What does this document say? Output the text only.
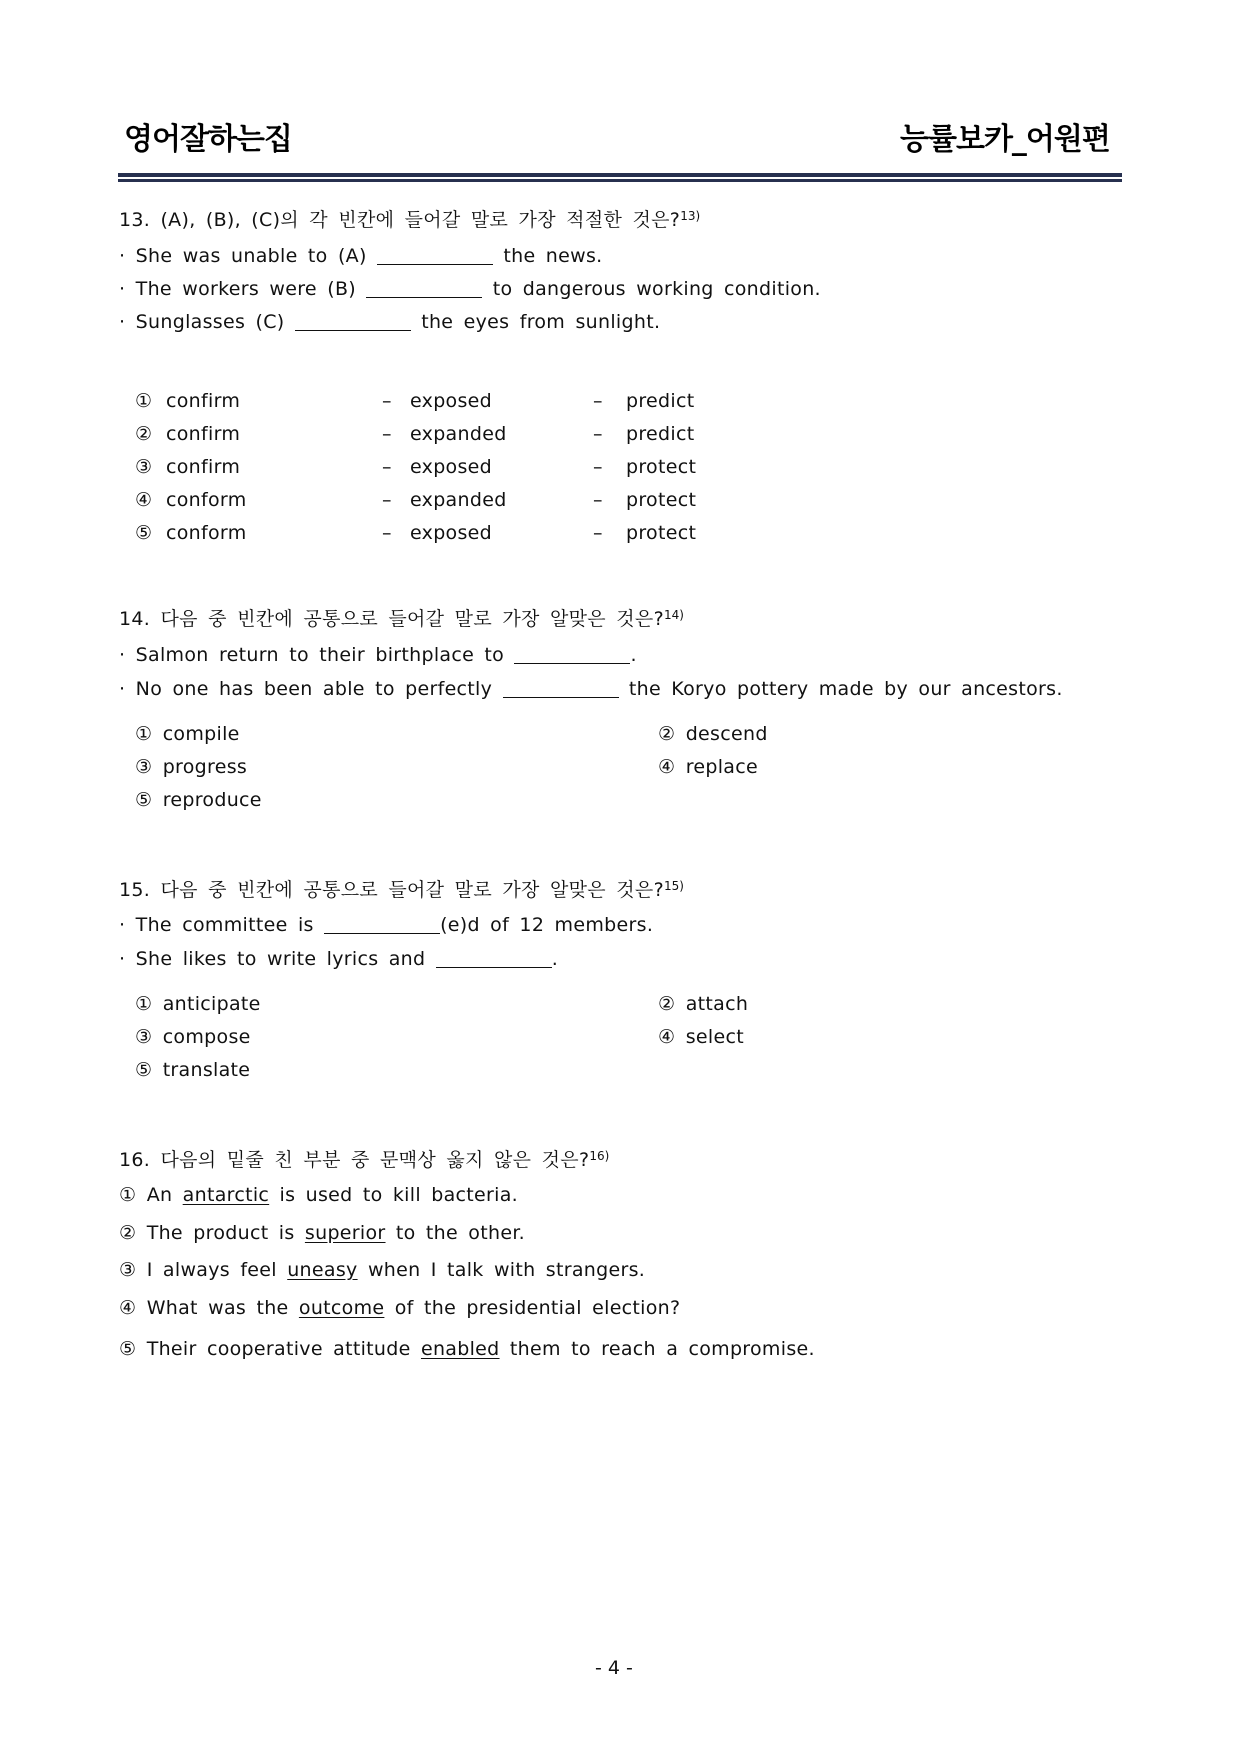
영어잘하는집	능률보카_어원편
13. (A), (B), (C)의 각 빈칸에 들어갈 말로 가장 적절한 것은?$^{13)}$
· She was unable to (A)	the news.
· The workers were (B)	to dangerous working condition.
· Sunglasses (C)	the eyes from sunlight.
① confirm	– exposed	– predict
② confirm	– expanded	– predict
③ confirm	– exposed	– protect
④ conform	– expanded	– protect
⑤ conform	– exposed	– protect
14. 다음 중 빈칸에 공통으로 들어갈 말로 가장 알맞은 것은?$^{14)}$
· Salmon return to their birthplace to	.
· No one has been able to perfectly	the Koryo pottery made by our ancestors.
① compile	② descend
③ progress	④ replace
⑤ reproduce
15. 다음 중 빈칸에 공통으로 들어갈 말로 가장 알맞은 것은?$^{15)}$
· The committee is	(e)d of 12 members.
· She likes to write lyrics and	.
① anticipate	② attach
③ compose	④ select
⑤ translate
16. 다음의 밑줄 친 부분 중 문맥상 옳지 않은 것은?$^{16)}$
① An antarctic is used to kill bacteria.
② The product is superior to the other.
③ I always feel uneasy when I talk with strangers.
④ What was the outcome of the presidential election?
⑤ Their cooperative attitude enabled them to reach a compromise.
- 4 -
